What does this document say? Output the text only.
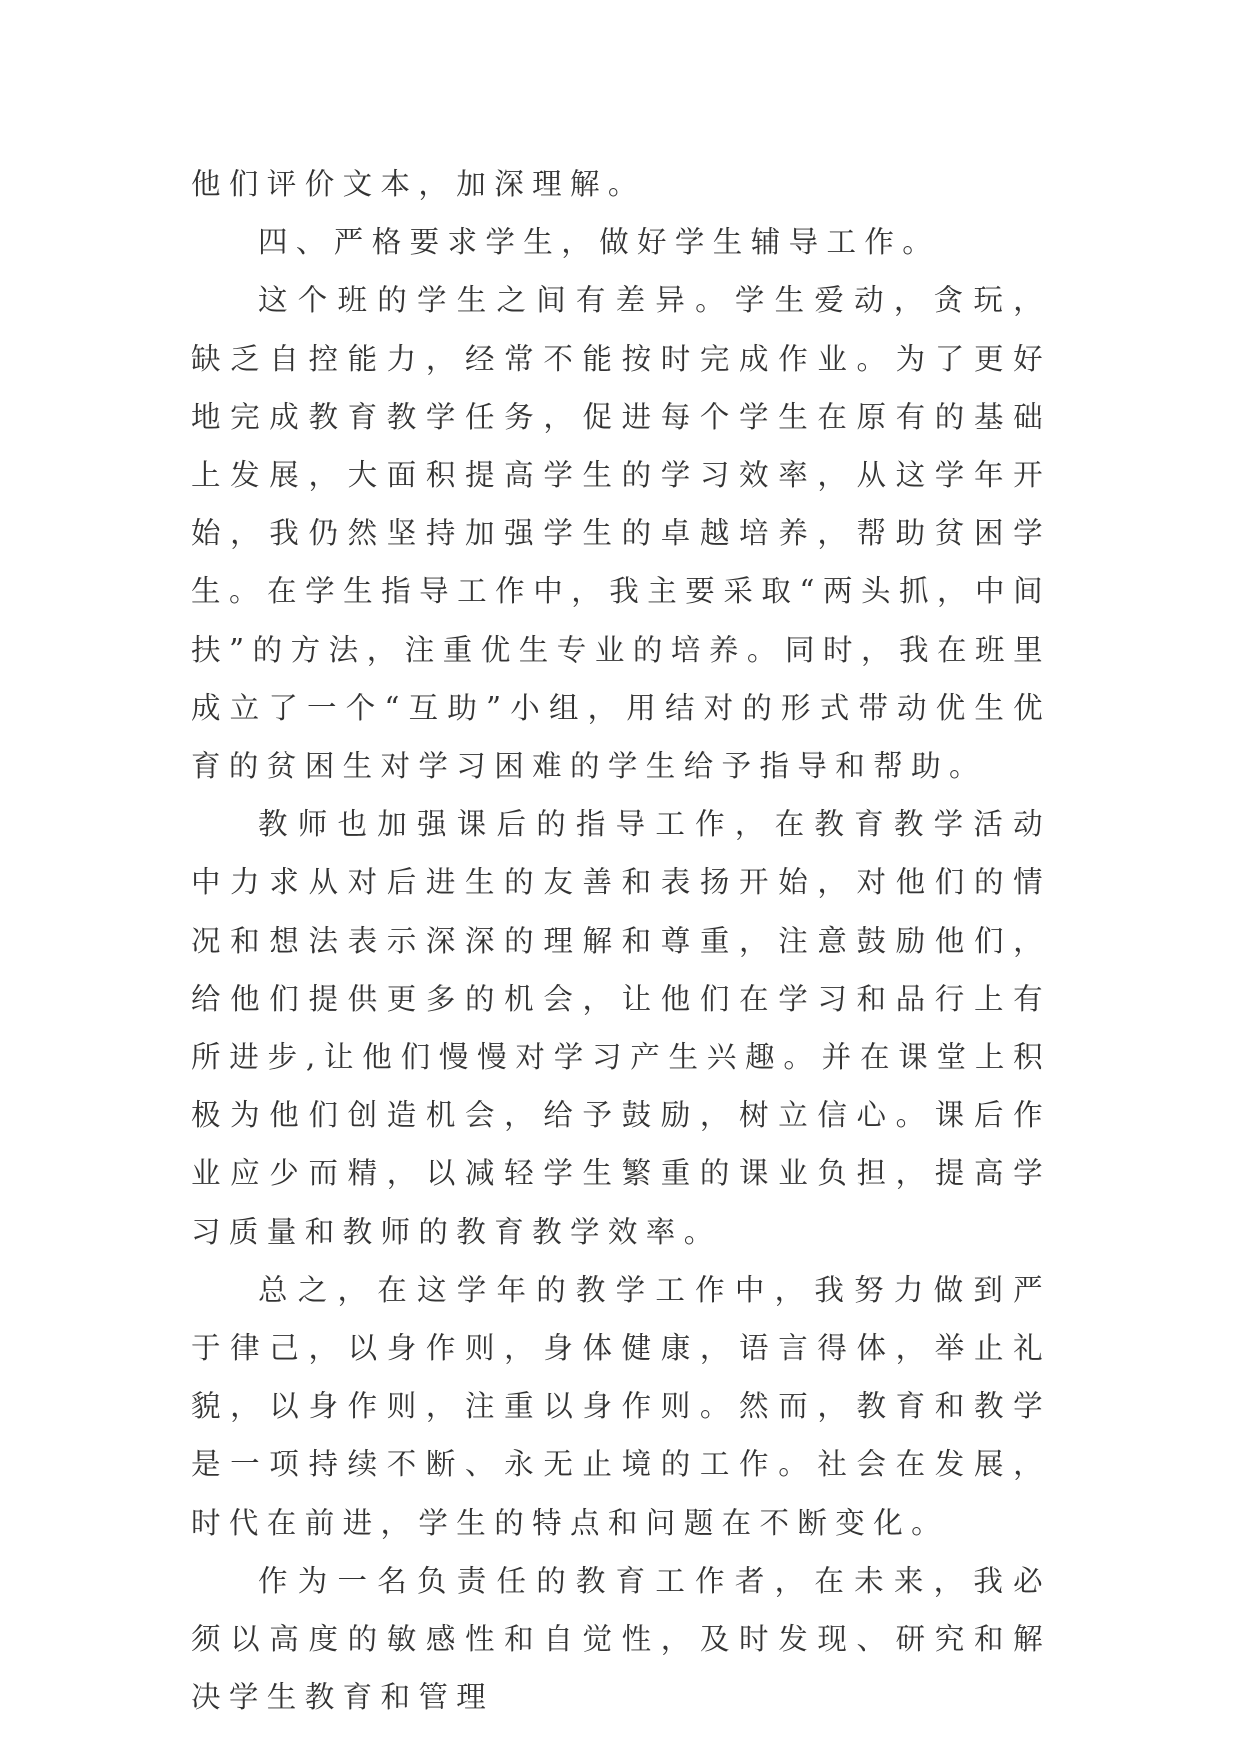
他们评价文本，加深理解。

四、严格要求学生，做好学生辅导工作。

这个班的学生之间有差异。学生爱动，贪玩，缺乏自控能力，经常不能按时完成作业。为了更好地完成教育教学任务，促进每个学生在原有的基础上发展，大面积提高学生的学习效率，从这学年开始，我仍然坚持加强学生的卓越培养，帮助贫困学生。在学生指导工作中，我主要采取“两头抓，中间扶”的方法，注重优生专业的培养。同时，我在班里成立了一个“互助”小组，用结对的形式带动优生优育的贫困生对学习困难的学生给予指导和帮助。

教师也加强课后的指导工作，在教育教学活动中力求从对后进生的友善和表扬开始，对他们的情况和想法表示深深的理解和尊重，注意鼓励他们，给他们提供更多的机会，让他们在学习和品行上有所进步,让他们慢慢对学习产生兴趣。并在课堂上积极为他们创造机会，给予鼓励，树立信心。课后作业应少而精，以减轻学生繁重的课业负担，提高学习质量和教师的教育教学效率。

总之，在这学年的教学工作中，我努力做到严于律己，以身作则，身体健康，语言得体，举止礼貌，以身作则，注重以身作则。然而，教育和教学是一项持续不断、永无止境的工作。社会在发展，时代在前进，学生的特点和问题在不断变化。

作为一名负责任的教育工作者，在未来，我必须以高度的敏感性和自觉性，及时发现、研究和解决学生教育和管理
